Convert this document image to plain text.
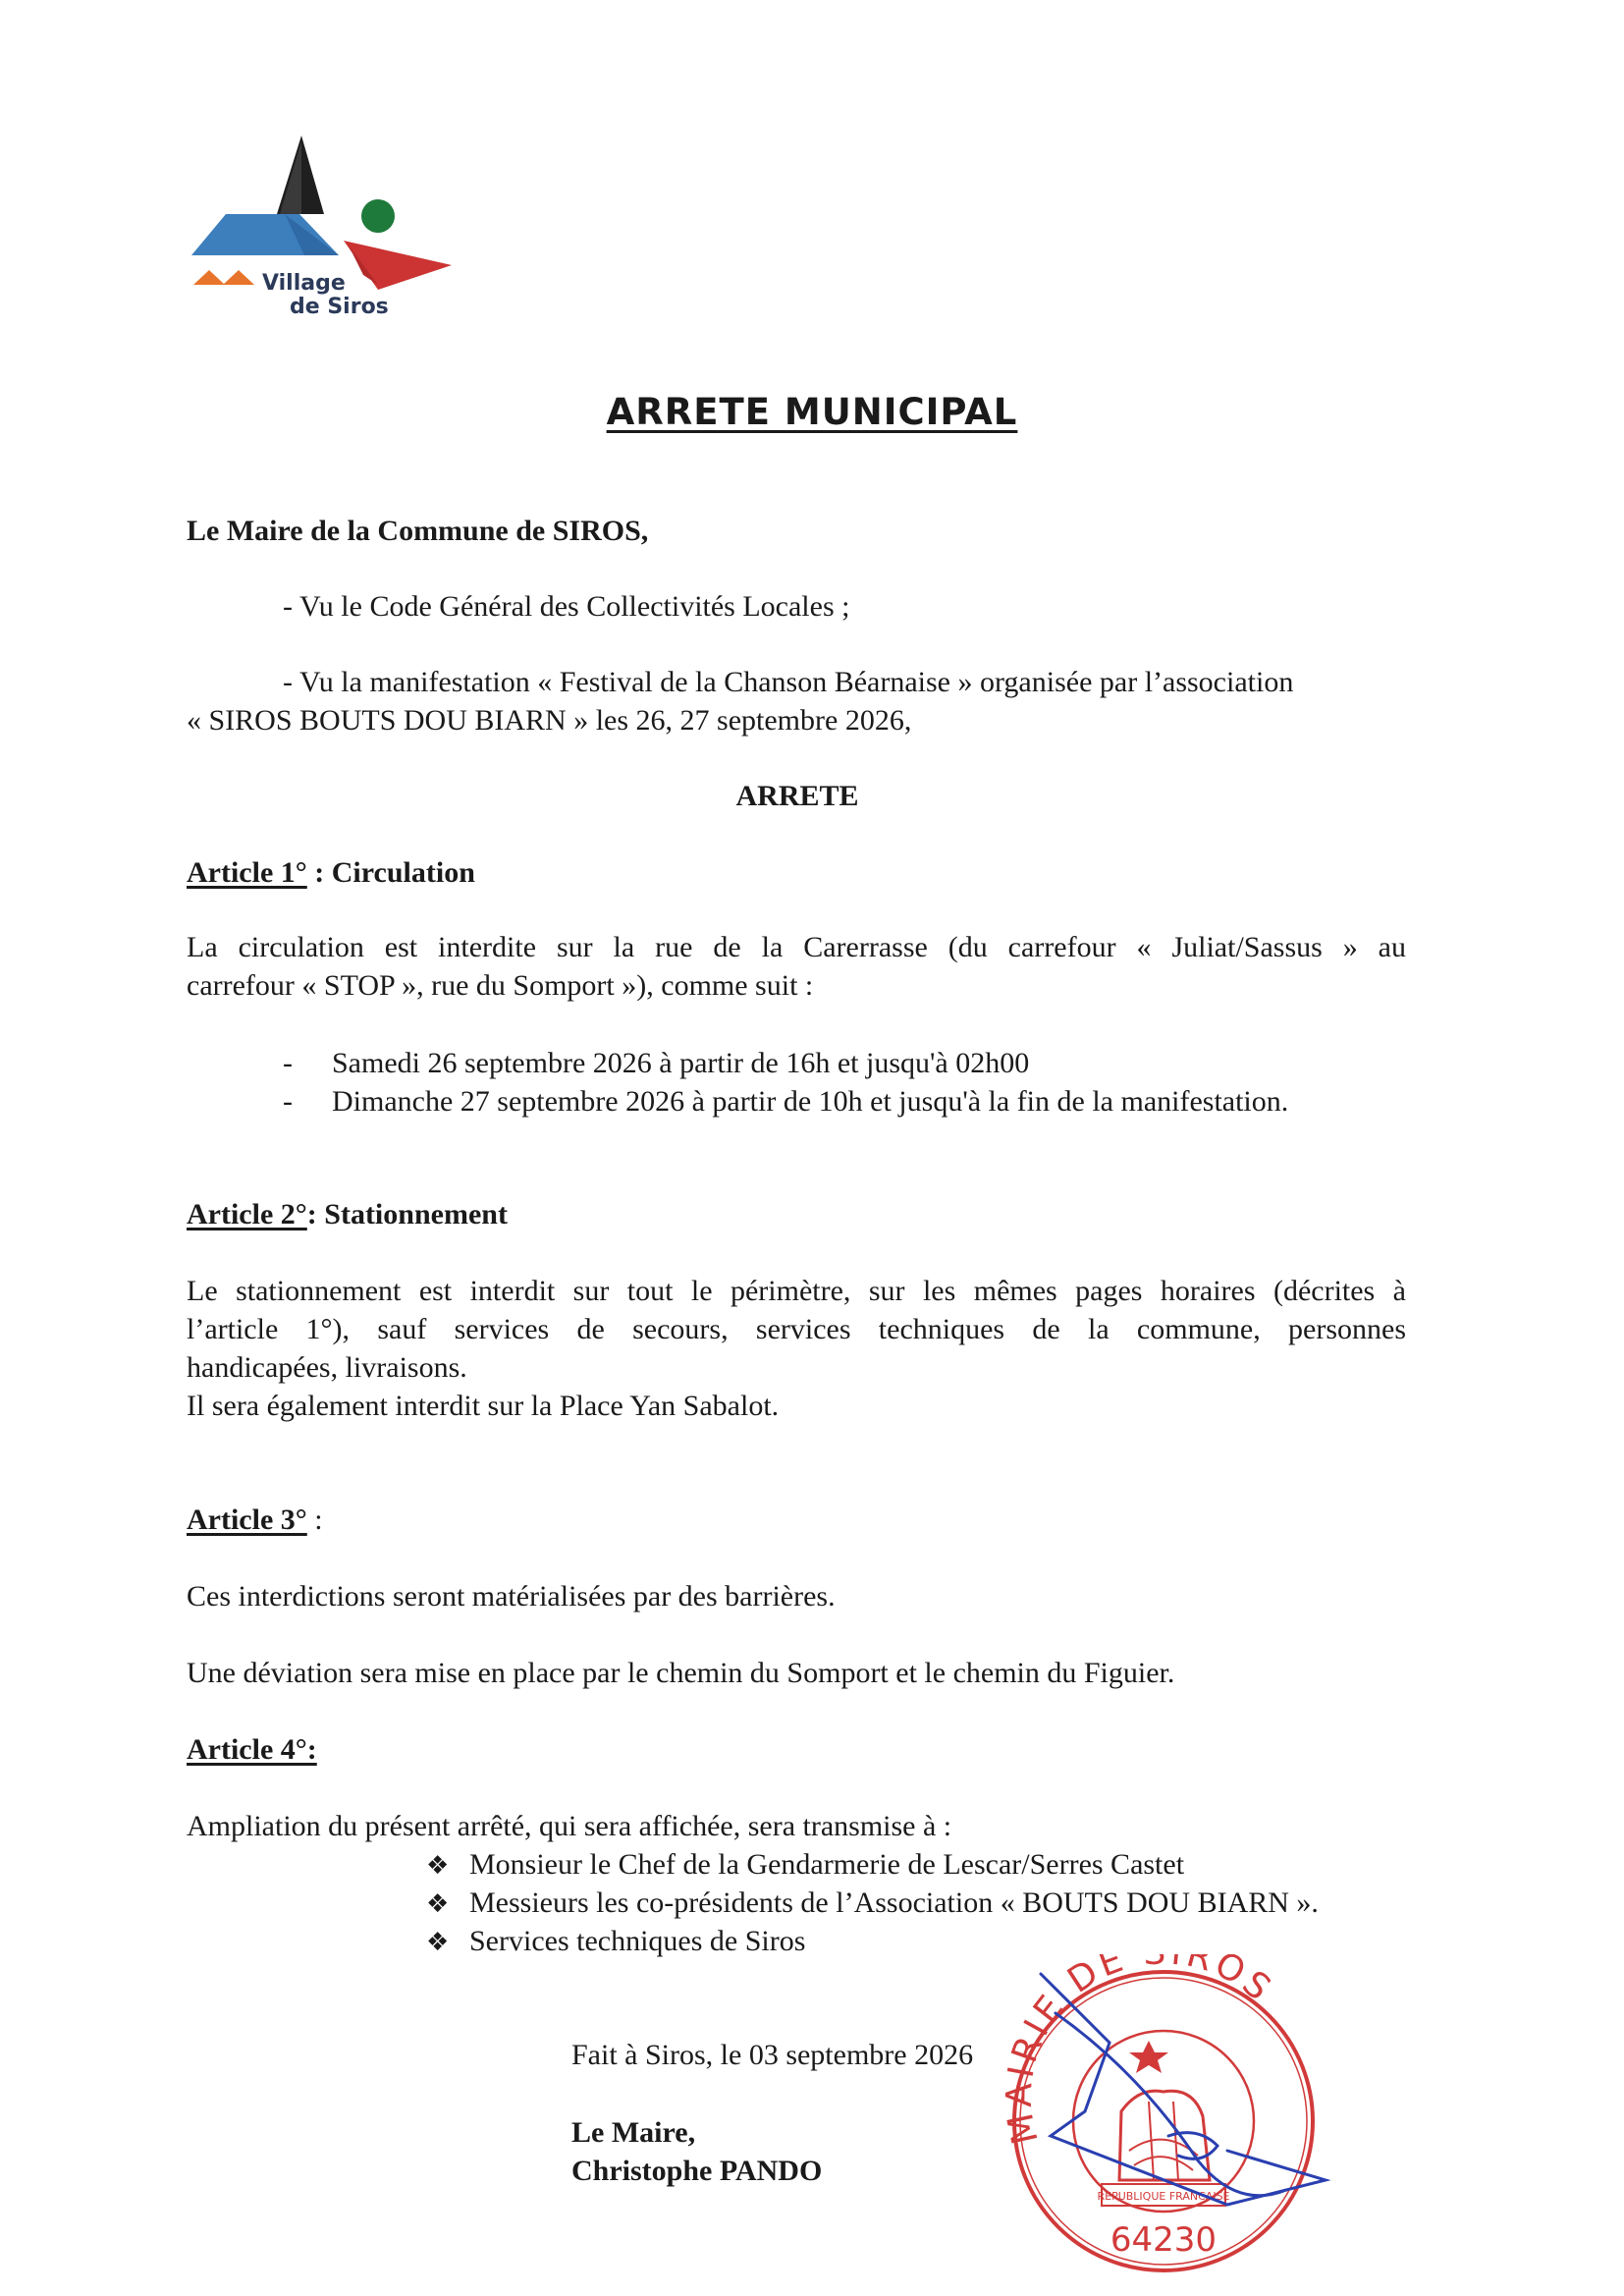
Village
de Siros
ARRETE MUNICIPAL
Le Maire de la Commune de SIROS,
- Vu le Code Général des Collectivités Locales ;
- Vu la manifestation « Festival de la Chanson Béarnaise » organisée par l’association
« SIROS BOUTS DOU BIARN » les 26, 27 septembre 2026,
ARRETE
Article 1° : Circulation
La circulation est interdite sur la rue de la Carerrasse (du carrefour « Juliat/Sassus » au
carrefour « STOP », rue du Somport »), comme suit :
- Samedi 26 septembre 2026 à partir de 16h et jusqu'à 02h00
- Dimanche 27 septembre 2026 à partir de 10h et jusqu'à la fin de la manifestation.
Article 2°: Stationnement
Le stationnement est interdit sur tout le périmètre, sur les mêmes pages horaires (décrites à
l’article 1°), sauf services de secours, services techniques de la commune, personnes
handicapées, livraisons.
Il sera également interdit sur la Place Yan Sabalot.
Article 3° :
Ces interdictions seront matérialisées par des barrières.
Une déviation sera mise en place par le chemin du Somport et le chemin du Figuier.
Article 4°:
Ampliation du présent arrêté, qui sera affichée, sera transmise à :
❖ Monsieur le Chef de la Gendarmerie de Lescar/Serres Castet
❖ Messieurs les co-présidents de l’Association « BOUTS DOU BIARN ».
❖ Services techniques de Siros
Fait à Siros, le 03 septembre 2026
Le Maire,
Christophe PANDO
MAIRIE DE ROS
REPUBLIQUE FRANCAISE
64230
